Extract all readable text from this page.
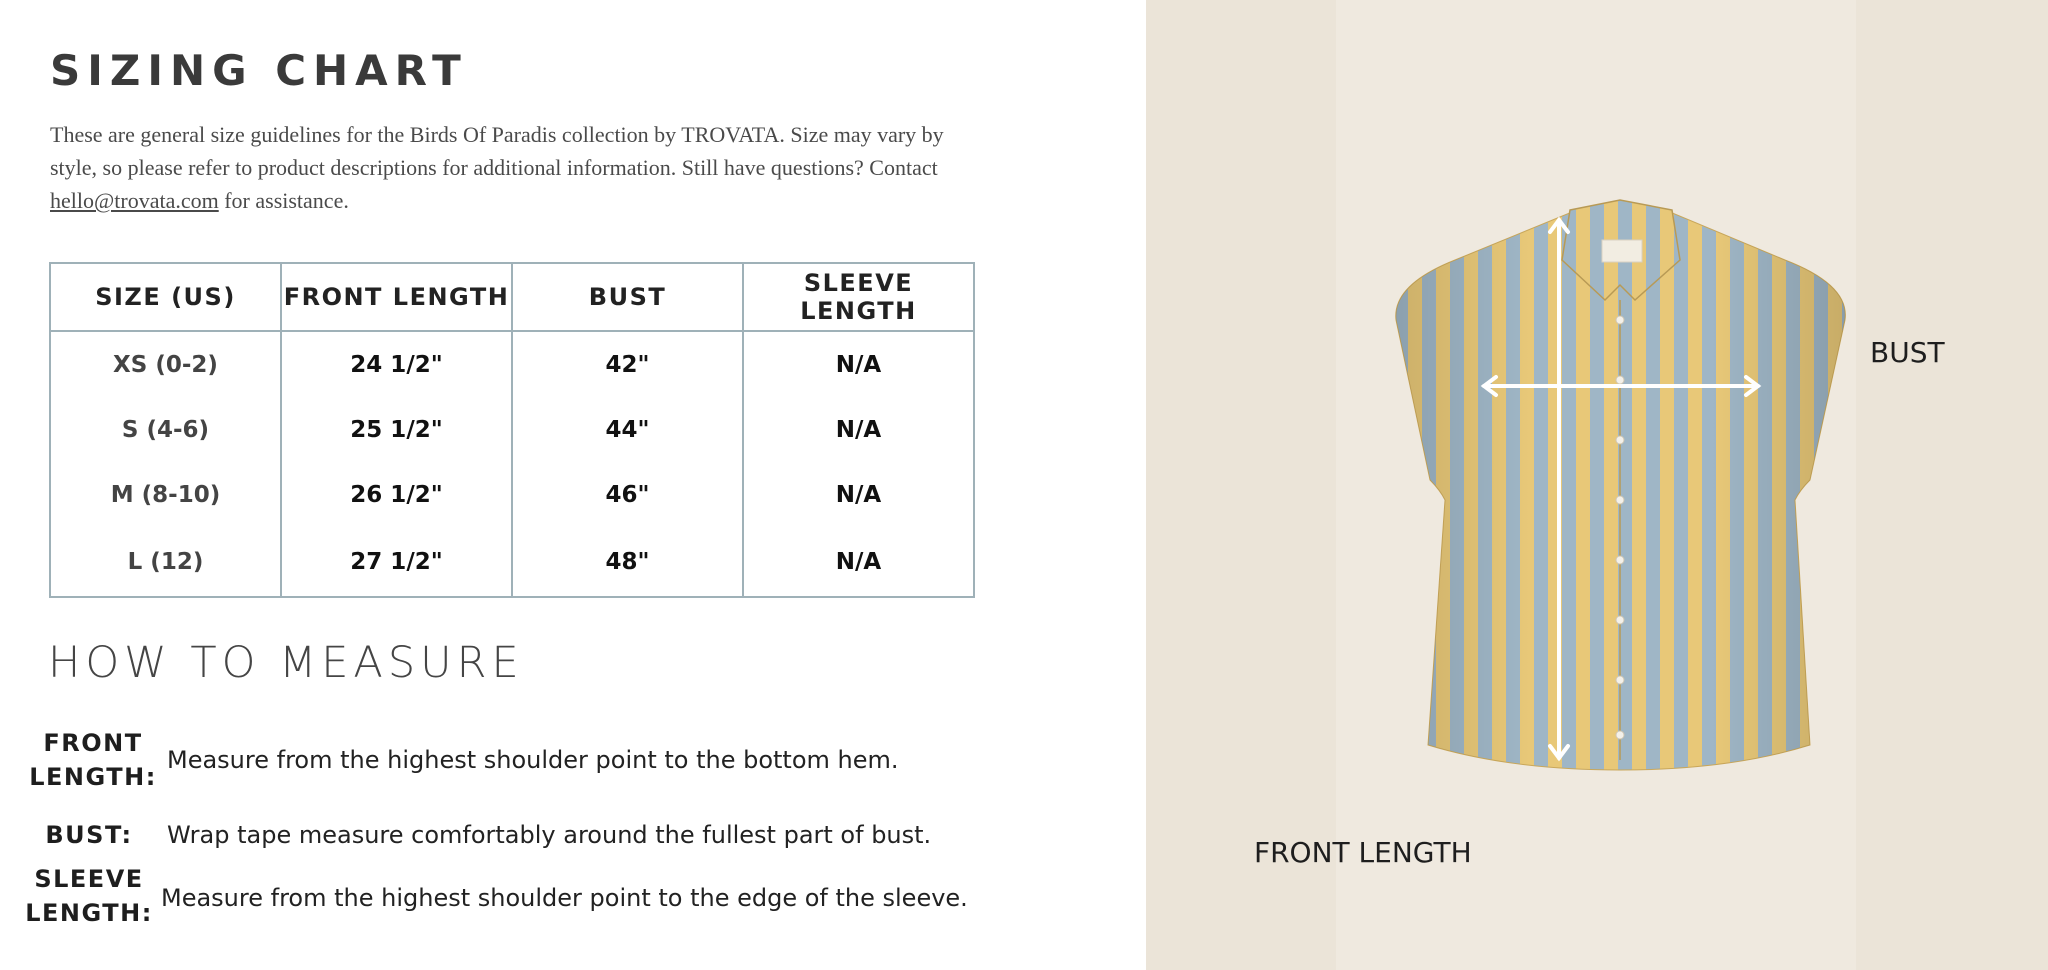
SIZING CHART

These are general size guidelines for the Birds Of Paradis collection by TROVATA. Size may vary by style, so please refer to product descriptions for additional information. Still have questions? Contact hello@trovata.com for assistance.

SIZE (US)	FRONT LENGTH	BUST	SLEEVE LENGTH
XS (0-2)	24 1/2"	42"	N/A
S (4-6)	25 1/2"	44"	N/A
M (8-10)	26 1/2"	46"	N/A
L (12)	27 1/2"	48"	N/A
HOW TO MEASURE
FRONT
LENGTH:
Measure from the highest shoulder point to the bottom hem.
BUST:	Wrap tape measure comfortably around the fullest part of bust.
SLEEVE
LENGTH:
Measure from the highest shoulder point to the edge of the sleeve.
BUST
FRONT LENGTH
